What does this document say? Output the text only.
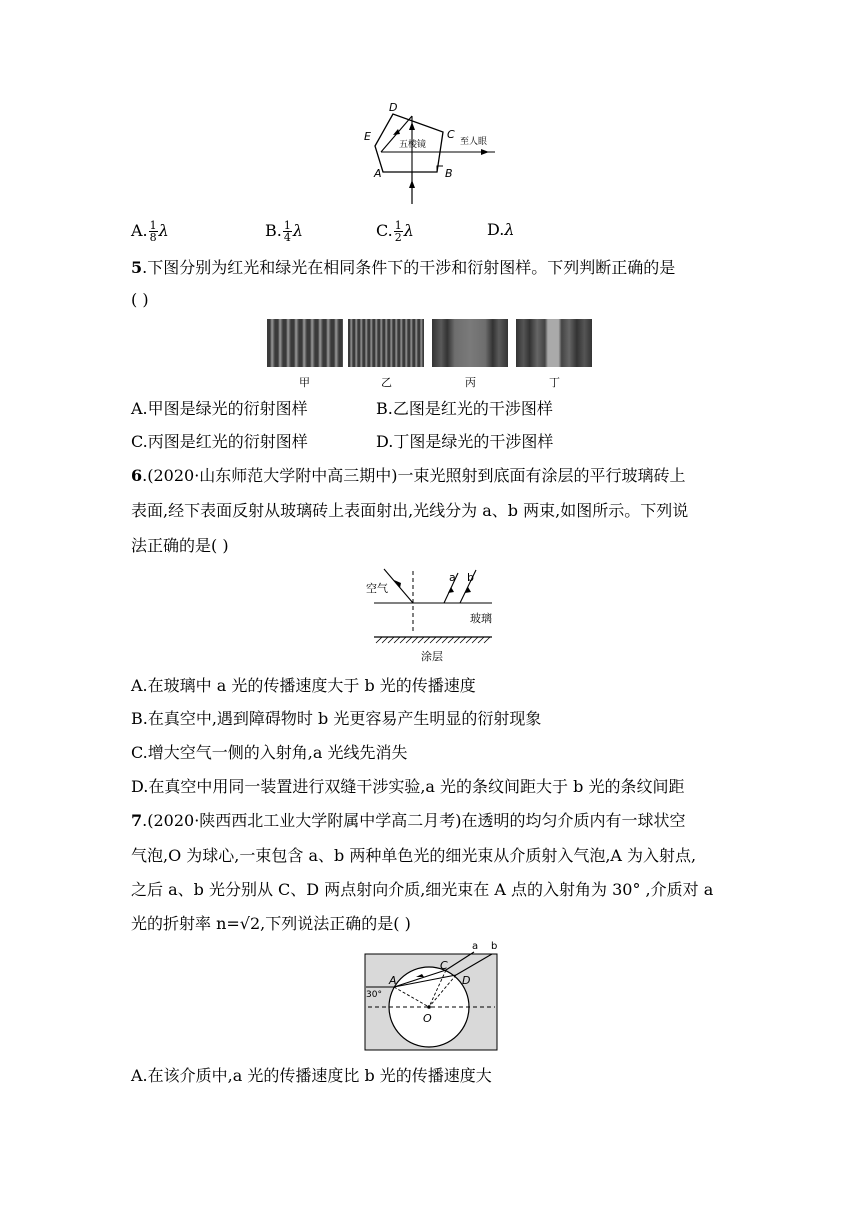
D
E	C
A	B
五棱镜	至人眼
A. $\frac{1}{8}$ λ	B. $\frac{1}{4}$ λ	C. $\frac{1}{2}$ λ	D.λ
5.下图分别为红光和绿光在相同条件下的干涉和衍射图样。下列判断正确的是
( )
甲	乙	丙	丁
A.甲图是绿光的衍射图样	B.乙图是红光的干涉图样
C.丙图是红光的衍射图样	D.丁图是绿光的干涉图样
6.(2020·山东师范大学附中高三期中)一束光照射到底面有涂层的平行玻璃砖上
表面,经下表面反射从玻璃砖上表面射出,光线分为 a、b 两束,如图所示。下列说
法正确的是( )
空气
玻璃
涂层
a b
A.在玻璃中 a 光的传播速度大于 b 光的传播速度
B.在真空中,遇到障碍物时 b 光更容易产生明显的衍射现象
C.增大空气一侧的入射角,a 光线先消失
D.在真空中用同一装置进行双缝干涉实验,a 光的条纹间距大于 b 光的条纹间距
7.(2020·陕西西北工业大学附属中学高二月考)在透明的均匀介质内有一球状空
气泡,O 为球心,一束包含 a、b 两种单色光的细光束从介质射入气泡,A 为入射点,
之后 a、b 光分别从 C、D 两点射向介质,细光束在 A 点的入射角为 30° ,介质对 a
光的折射率 n=√2,下列说法正确的是( )
a b
A
C
D
O
30°
A.在该介质中,a 光的传播速度比 b 光的传播速度大
